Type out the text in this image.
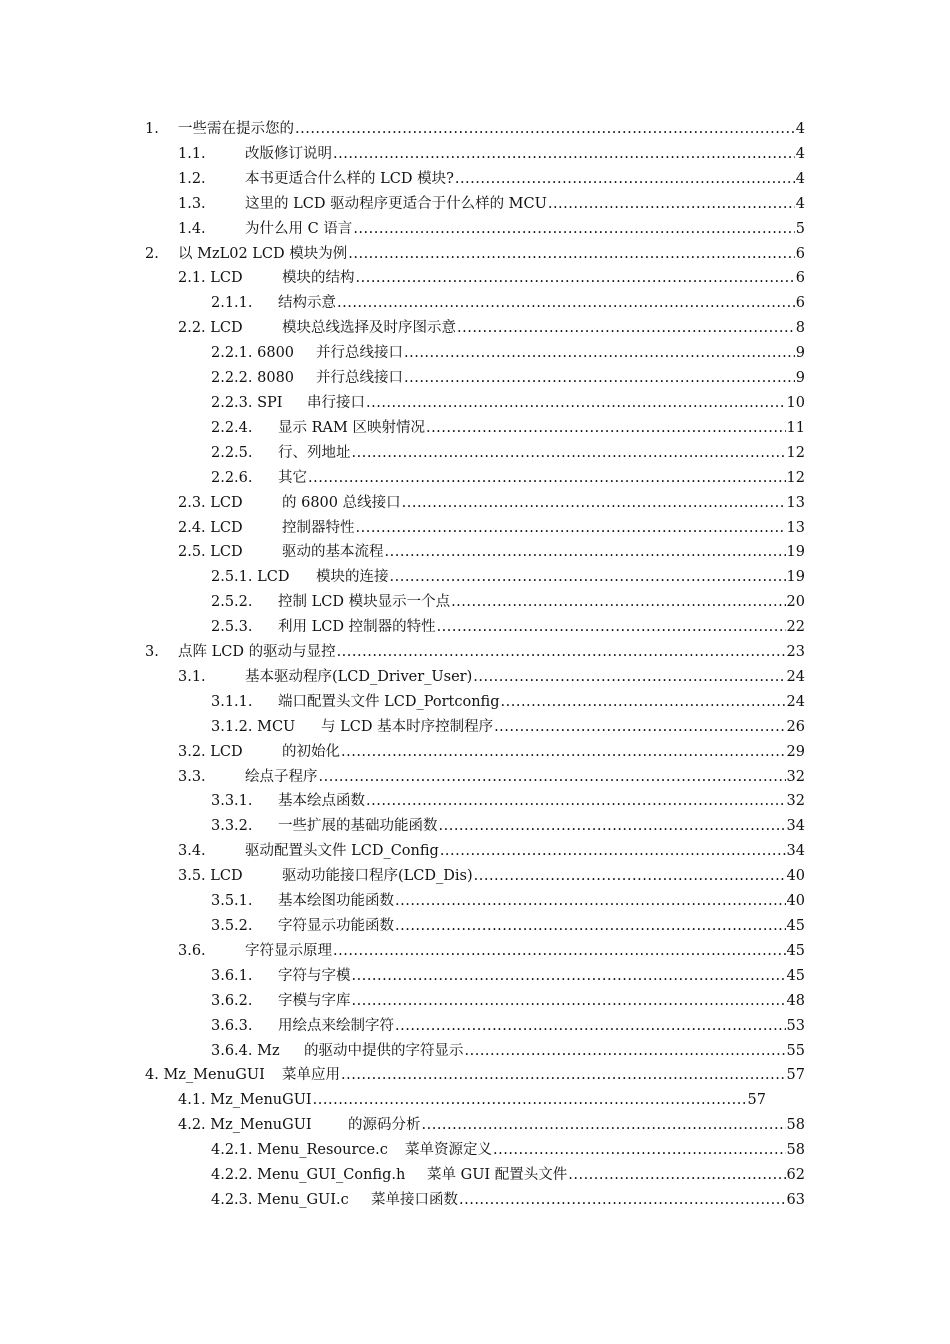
1. 一些需在提示您的 .....	4
1.1.	改版修订说明 .....	4
1.2.	本书更适合什么样的 LCD 模块? .....	4
1.3.	这里的 LCD 驱动程序更适合于什么样的 MCU .....	4
1.4.	为什么用 C 语言 .....	5
2. 以 MzL02 LCD 模块为例 .....	6
2.1. LCD	模块的结构 .....	6
2.1.1. 结构示意 .....	6
2.2. LCD	模块总线选择及时序图示意 .....	8
2.2.1. 6800 并行总线接口 .....	9
2.2.2. 8080 并行总线接口 .....	9
2.2.3. SPI 串行接口 .....	10
2.2.4. 显示 RAM 区映射情况 .....	11
2.2.5. 行、列地址 .....	12
2.2.6. 其它 .....	12
2.3. LCD	的 6800 总线接口 .....	13
2.4. LCD	控制器特性 .....	13
2.5. LCD	驱动的基本流程 .....	19
2.5.1. LCD 模块的连接 .....	19
2.5.2. 控制 LCD 模块显示一个点 .....	20
2.5.3. 利用 LCD 控制器的特性 .....	22
3. 点阵 LCD 的驱动与显控 .....	23
3.1.	基本驱动程序(LCD_Driver_User) .....	24
3.1.1. 端口配置头文件 LCD_Portconfig .....	24
3.1.2. MCU 与 LCD 基本时序控制程序 .....	26
3.2. LCD	的初始化 .....	29
3.3.	绘点子程序 .....	32
3.3.1. 基本绘点函数 .....	32
3.3.2. 一些扩展的基础功能函数 .....	34
3.4.	驱动配置头文件 LCD_Config .....	34
3.5. LCD	驱动功能接口程序(LCD_Dis) .....	40
3.5.1. 基本绘图功能函数 .....	40
3.5.2. 字符显示功能函数 .....	45
3.6.	字符显示原理 .....	45
3.6.1. 字符与字模 .....	45
3.6.2. 字模与字库 .....	48
3.6.3. 用绘点来绘制字符 .....	53
3.6.4. Mz 的驱动中提供的字符显示 .....	55
4. Mz_MenuGUI 菜单应用 .....	57
4.1. Mz_MenuGUI .....	57
4.2. Mz_MenuGUI	的源码分析 .....	58
4.2.1. Menu_Resource.c 菜单资源定义 .....	58
4.2.2. Menu_GUI_Config.h 菜单 GUI 配置头文件 .....	62
4.2.3. Menu_GUI.c 菜单接口函数 .....	63
